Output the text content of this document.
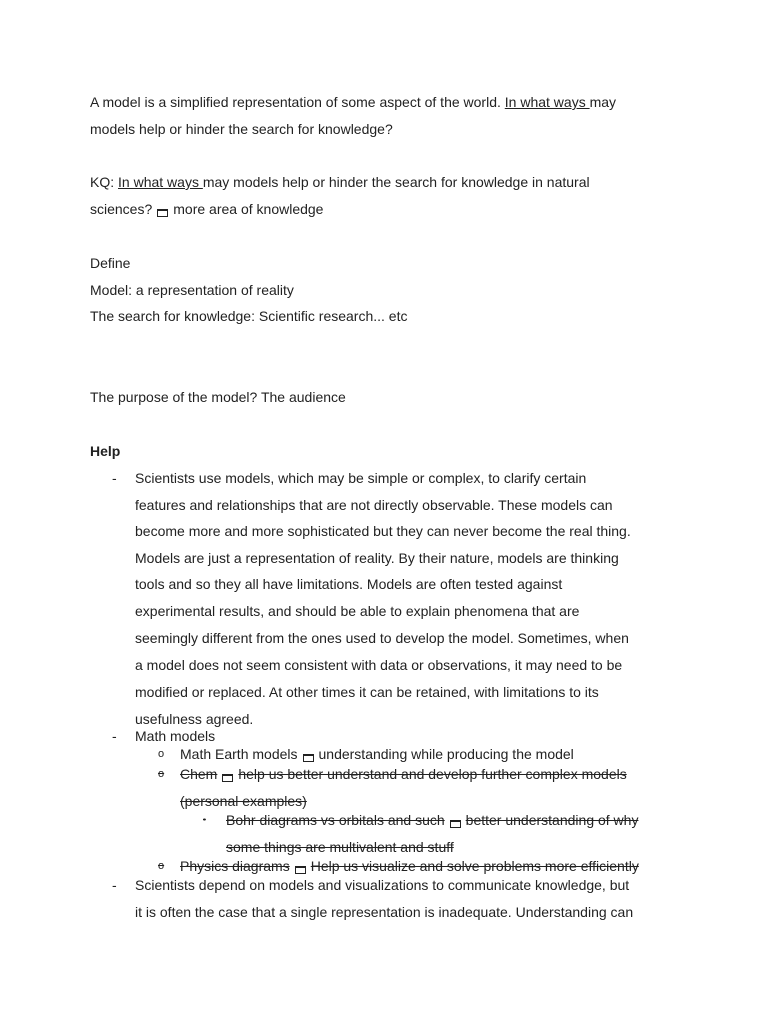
A model is a simplified representation of some aspect of the world. In what ways may
models help or hinder the search for knowledge?
KQ: In what ways may models help or hinder the search for knowledge in natural
sciences? more area of knowledge
Define
Model: a representation of reality
The search for knowledge: Scientific research... etc
The purpose of the model? The audience
Help
- Scientists use models, which may be simple or complex, to clarify certain
features and relationships that are not directly observable. These models can
become more and more sophisticated but they can never become the real thing.
Models are just a representation of reality. By their nature, models are thinking
tools and so they all have limitations. Models are often tested against
experimental results, and should be able to explain phenomena that are
seemingly different from the ones used to develop the model. Sometimes, when
a model does not seem consistent with data or observations, it may need to be
modified or replaced. At other times it can be retained, with limitations to its
usefulness agreed.
- Math models
o Math Earth models understanding while producing the model
o Chem help us better understand and develop further complex models
(personal examples)
▪ Bohr diagrams vs orbitals and such better understanding of why
some things are multivalent and stuff
o Physics diagrams Help us visualize and solve problems more efficiently
- Scientists depend on models and visualizations to communicate knowledge, but
it is often the case that a single representation is inadequate. Understanding can
